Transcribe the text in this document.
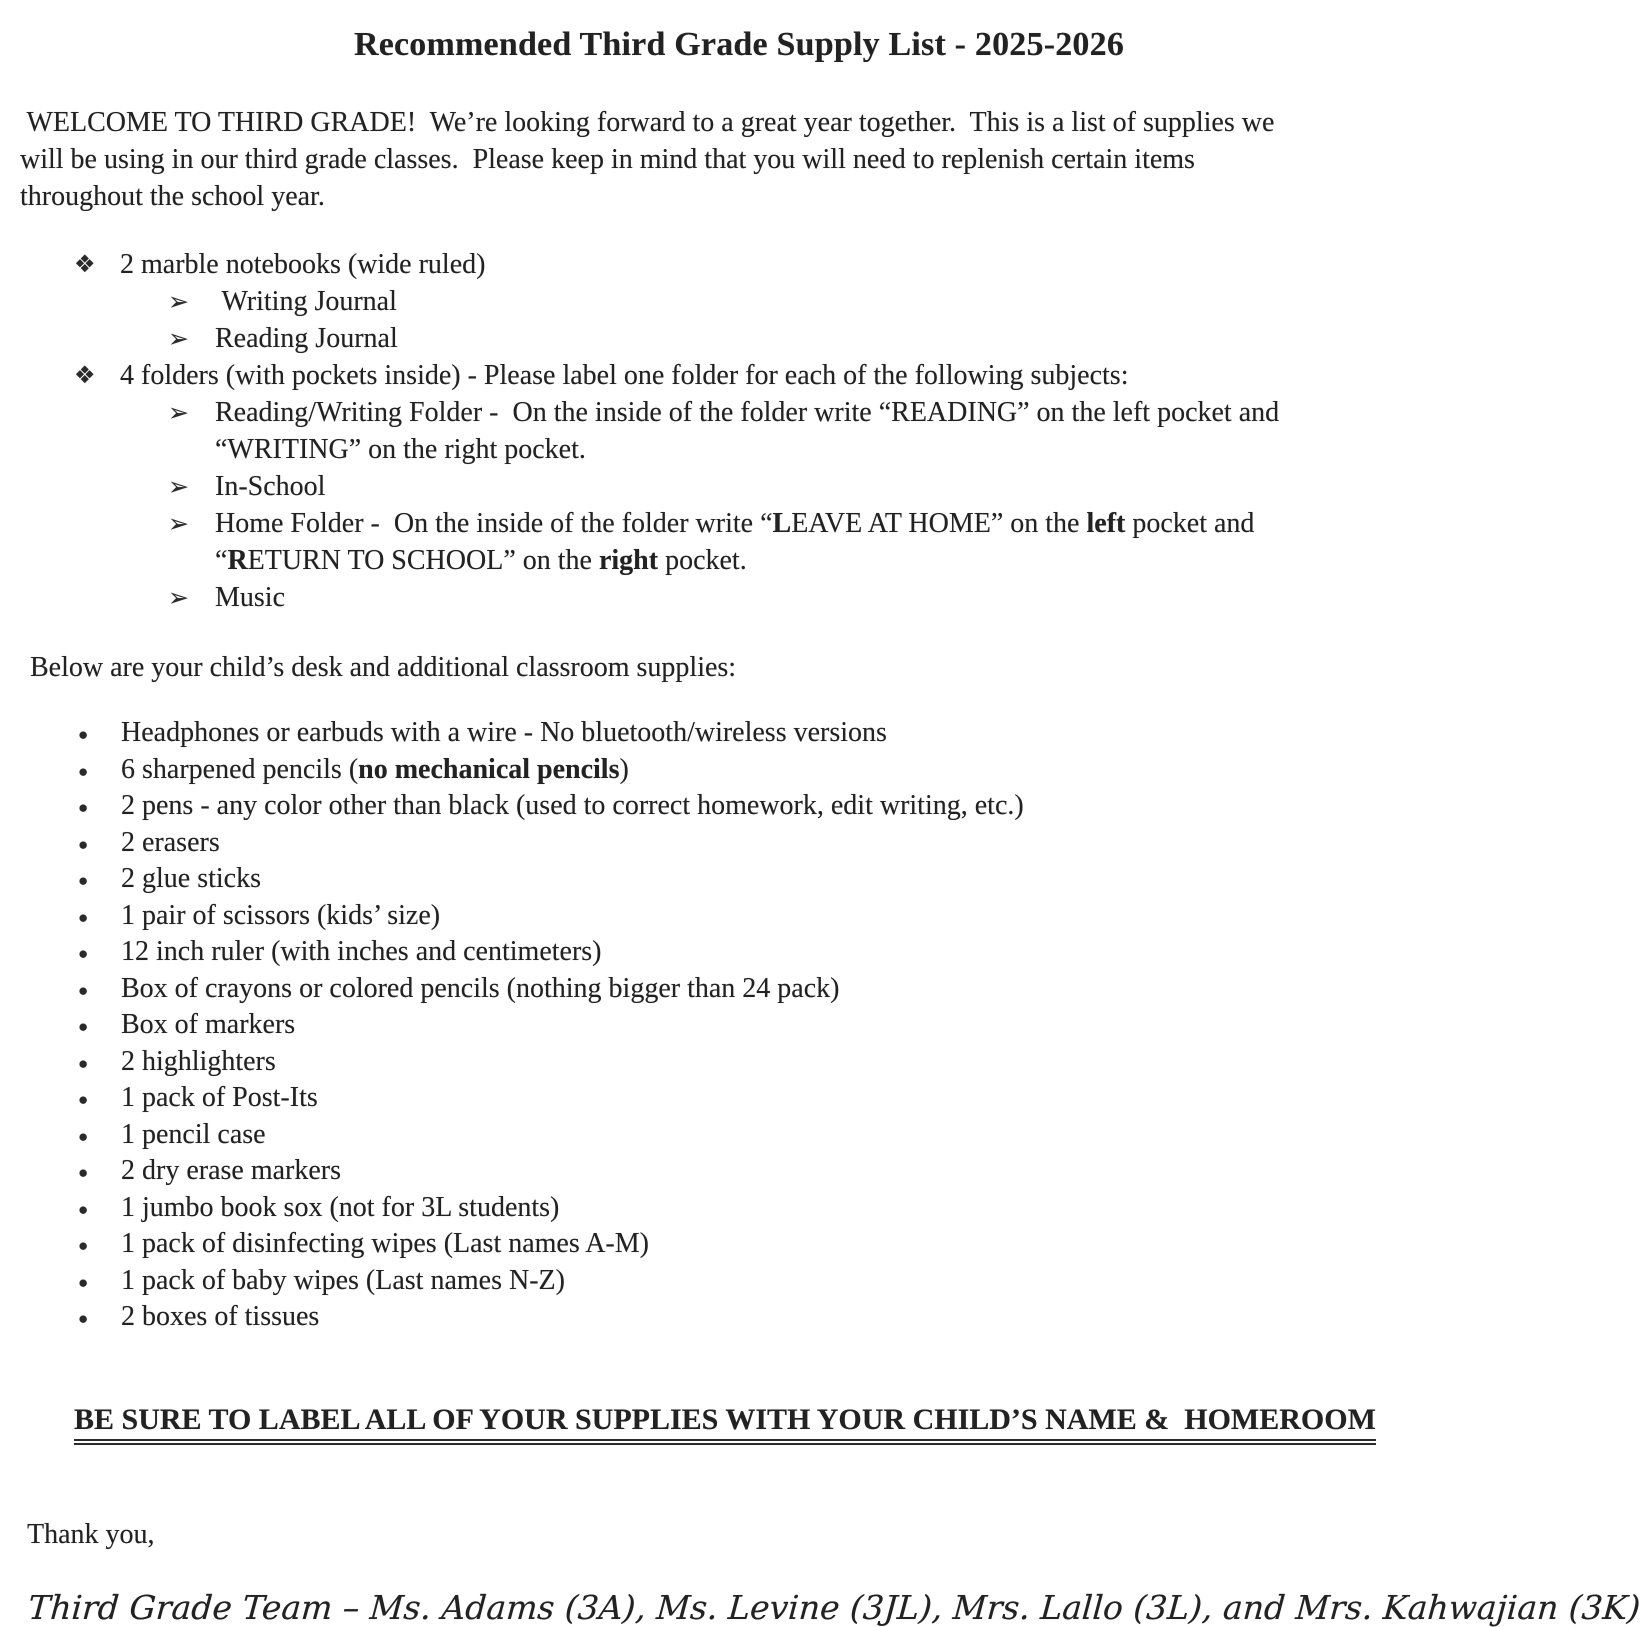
Recommended Third Grade Supply List - 2025-2026
WELCOME TO THIRD GRADE!  We’re looking forward to a great year together.  This is a list of supplies we
will be using in our third grade classes.  Please keep in mind that you will need to replenish certain items
throughout the school year.
❖ 2 marble notebooks (wide ruled)
➢ Writing Journal
➢ Reading Journal
❖ 4 folders (with pockets inside) - Please label one folder for each of the following subjects:
➢ Reading/Writing Folder -  On the inside of the folder write “READING” on the left pocket and
“WRITING” on the right pocket.
➢ In-School
➢ Home Folder -  On the inside of the folder write “LEAVE AT HOME” on the left pocket and
“RETURN TO SCHOOL” on the right pocket.
➢ Music
Below are your child’s desk and additional classroom supplies:
●	Headphones or earbuds with a wire - No bluetooth/wireless versions
●	6 sharpened pencils (no mechanical pencils)
●	2 pens - any color other than black (used to correct homework, edit writing, etc.)
●	2 erasers
●	2 glue sticks
●	1 pair of scissors (kids’ size)
●	12 inch ruler (with inches and centimeters)
●	Box of crayons or colored pencils (nothing bigger than 24 pack)
●	Box of markers
●	2 highlighters
●	1 pack of Post-Its
●	1 pencil case
●	2 dry erase markers
●	1 jumbo book sox (not for 3L students)
●	1 pack of disinfecting wipes (Last names A-M)
●	1 pack of baby wipes (Last names N-Z)
●	2 boxes of tissues

BE SURE TO LABEL ALL OF YOUR SUPPLIES WITH YOUR CHILD’S NAME &  HOMEROOM

Thank you,
Third Grade Team – Ms. Adams (3A), Ms. Levine (3JL), Mrs. Lallo (3L), and Mrs. Kahwajian (3K)
